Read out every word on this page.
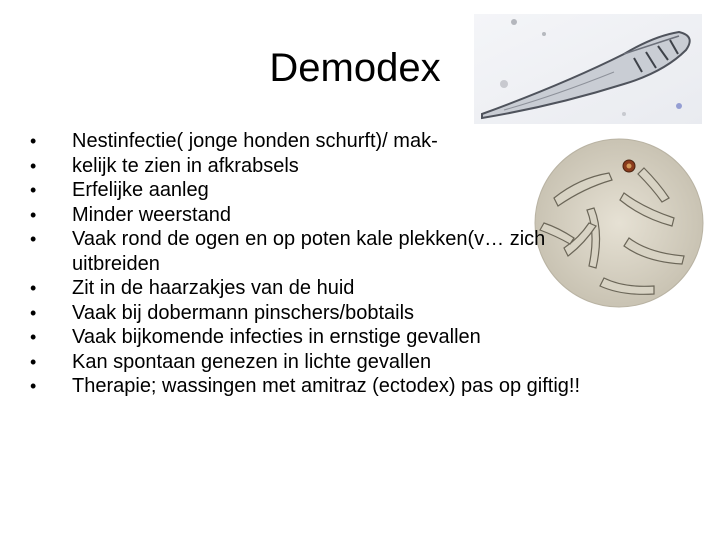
Demodex
• Nestinfectie( jonge honden schurft)/ mak-
• kelijk te zien in afkrabsels
• Erfelijke aanleg
• Minder weerstand
• Vaak rond de ogen en op poten kale plekken(v… zich uitbreiden
• Zit in de haarzakjes van de huid
• Vaak bij dobermann pinschers/bobtails
• Vaak bijkomende infecties in ernstige gevallen
• Kan spontaan genezen in lichte gevallen
• Therapie; wassingen met amitraz (ectodex) pas op giftig!!
